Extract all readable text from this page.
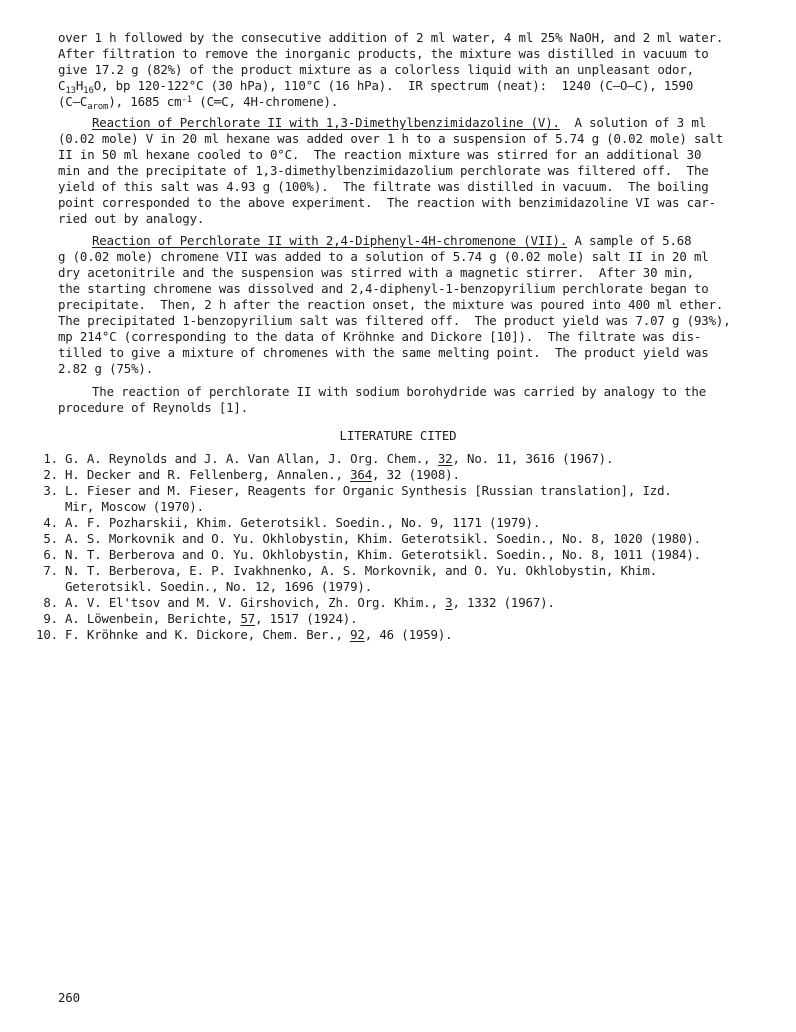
over 1 h followed by the consecutive addition of 2 ml water, 4 ml 25% NaOH, and 2 ml water.
After filtration to remove the inorganic products, the mixture was distilled in vacuum to
give 17.2 g (82%) of the product mixture as a colorless liquid with an unpleasant odor,
$C_{13}H_{16}O$, bp 120-122°C (30 hPa), 110°C (16 hPa).  IR spectrum (neat):  1240 (C—O—C), 1590
$(C—C_{arom})$, 1685 $cm^{-1}$ (C═C, 4H-chromene).
Reaction of Perchlorate II with 1,3-Dimethylbenzimidazoline (V).  A solution of 3 ml
(0.02 mole) V in 20 ml hexane was added over 1 h to a suspension of 5.74 g (0.02 mole) salt
II in 50 ml hexane cooled to 0°C.  The reaction mixture was stirred for an additional 30
min and the precipitate of 1,3-dimethylbenzimidazolium perchlorate was filtered off.  The
yield of this salt was 4.93 g (100%).  The filtrate was distilled in vacuum.  The boiling
point corresponded to the above experiment.  The reaction with benzimidazoline VI was car-
ried out by analogy.
Reaction of Perchlorate II with 2,4-Diphenyl-4H-chromenone (VII). A sample of 5.68
g (0.02 mole) chromene VII was added to a solution of 5.74 g (0.02 mole) salt II in 20 ml
dry acetonitrile and the suspension was stirred with a magnetic stirrer.  After 30 min,
the starting chromene was dissolved and 2,4-diphenyl-1-benzopyrilium perchlorate began to
precipitate.  Then, 2 h after the reaction onset, the mixture was poured into 400 ml ether.
The precipitated 1-benzopyrilium salt was filtered off.  The product yield was 7.07 g (93%),
mp 214°C (corresponding to the data of Kröhnke and Dickore [10]).  The filtrate was dis-
tilled to give a mixture of chromenes with the same melting point.  The product yield was
2.82 g (75%).
The reaction of perchlorate II with sodium borohydride was carried by analogy to the
procedure of Reynolds [1].
LITERATURE CITED
1. G. A. Reynolds and J. A. Van Allan, J. Org. Chem., 32, No. 11, 3616 (1967).
2. H. Decker and R. Fellenberg, Annalen., 364, 32 (1908).
3. L. Fieser and M. Fieser, Reagents for Organic Synthesis [Russian translation], Izd.
Mir, Moscow (1970).
4. A. F. Pozharskii, Khim. Geterotsikl. Soedin., No. 9, 1171 (1979).
5. A. S. Morkovnik and O. Yu. Okhlobystin, Khim. Geterotsikl. Soedin., No. 8, 1020 (1980).
6. N. T. Berberova and O. Yu. Okhlobystin, Khim. Geterotsikl. Soedin., No. 8, 1011 (1984).
7. N. T. Berberova, E. P. Ivakhnenko, A. S. Morkovnik, and O. Yu. Okhlobystin, Khim.
Geterotsikl. Soedin., No. 12, 1696 (1979).
8. A. V. El'tsov and M. V. Girshovich, Zh. Org. Khim., 3, 1332 (1967).
9. A. Löwenbein, Berichte, 57, 1517 (1924).
10. F. Kröhnke and K. Dickore, Chem. Ber., 92, 46 (1959).
260
